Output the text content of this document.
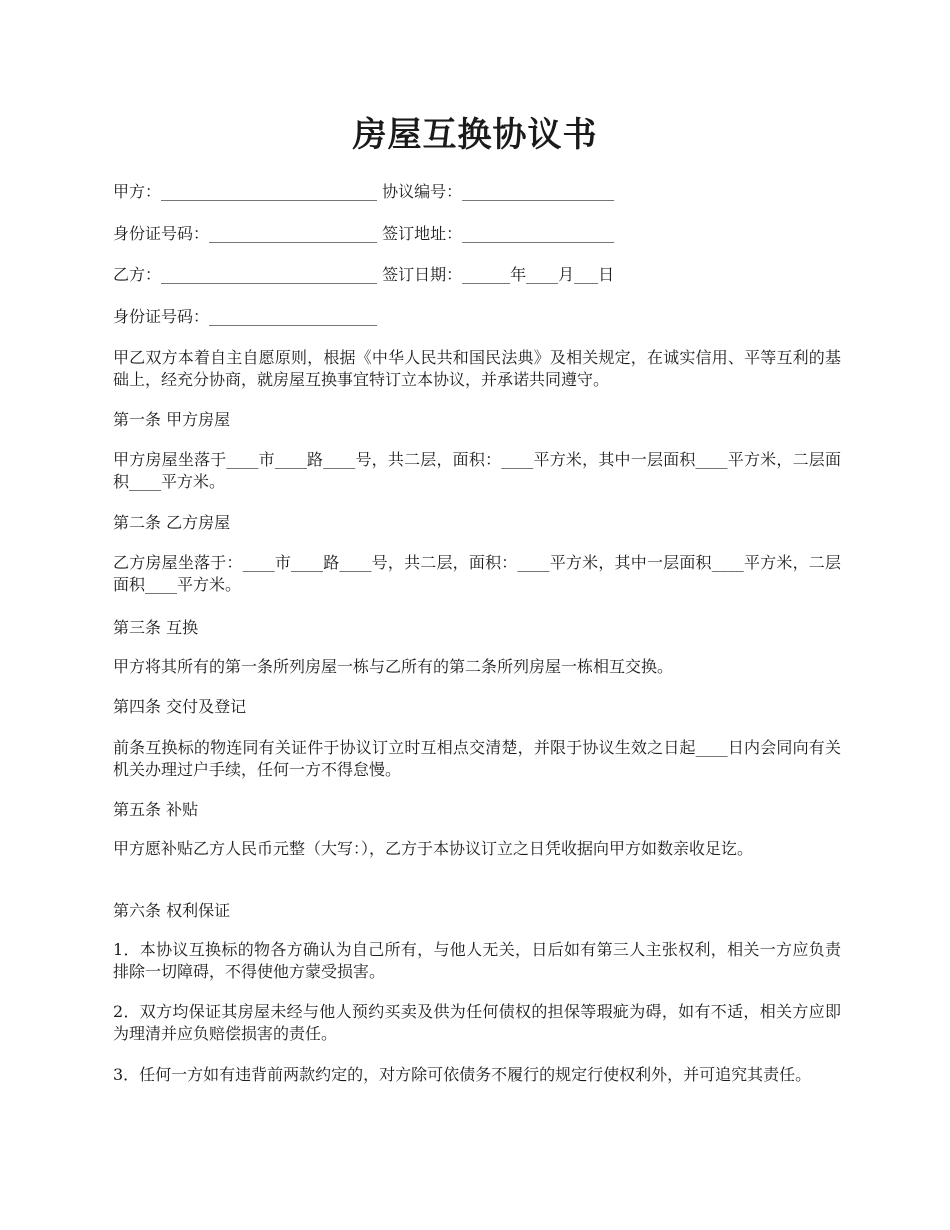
房屋互换协议书
甲方：___________________________ 协议编号：___________________
身份证号码：_____________________ 签订地址：___________________
乙方：___________________________ 签订日期：______年____月___日
身份证号码：_____________________
甲乙双方本着自主自愿原则，根据《中华人民共和国民法典》及相关规定，在诚实信用、平等互利的基础上，经充分协商，就房屋互换事宜特订立本协议，并承诺共同遵守。
第一条 甲方房屋
甲方房屋坐落于____市____路____号，共二层，面积：____平方米，其中一层面积____平方米，二层面积____平方米。
第二条 乙方房屋
乙方房屋坐落于：____市____路____号，共二层，面积：____平方米，其中一层面积____平方米，二层面积____平方米。
第三条 互换
甲方将其所有的第一条所列房屋一栋与乙所有的第二条所列房屋一栋相互交换。
第四条 交付及登记
前条互换标的物连同有关证件于协议订立时互相点交清楚，并限于协议生效之日起____日内会同向有关机关办理过户手续，任何一方不得怠慢。
第五条 补贴
甲方愿补贴乙方人民币元整（大写：），乙方于本协议订立之日凭收据向甲方如数亲收足讫。
第六条 权利保证
1．本协议互换标的物各方确认为自己所有，与他人无关，日后如有第三人主张权利，相关一方应负责排除一切障碍，不得使他方蒙受损害。
2．双方均保证其房屋未经与他人预约买卖及供为任何债权的担保等瑕疵为碍，如有不适，相关方应即为理清并应负赔偿损害的责任。
3．任何一方如有违背前两款约定的，对方除可依债务不履行的规定行使权利外，并可追究其责任。
